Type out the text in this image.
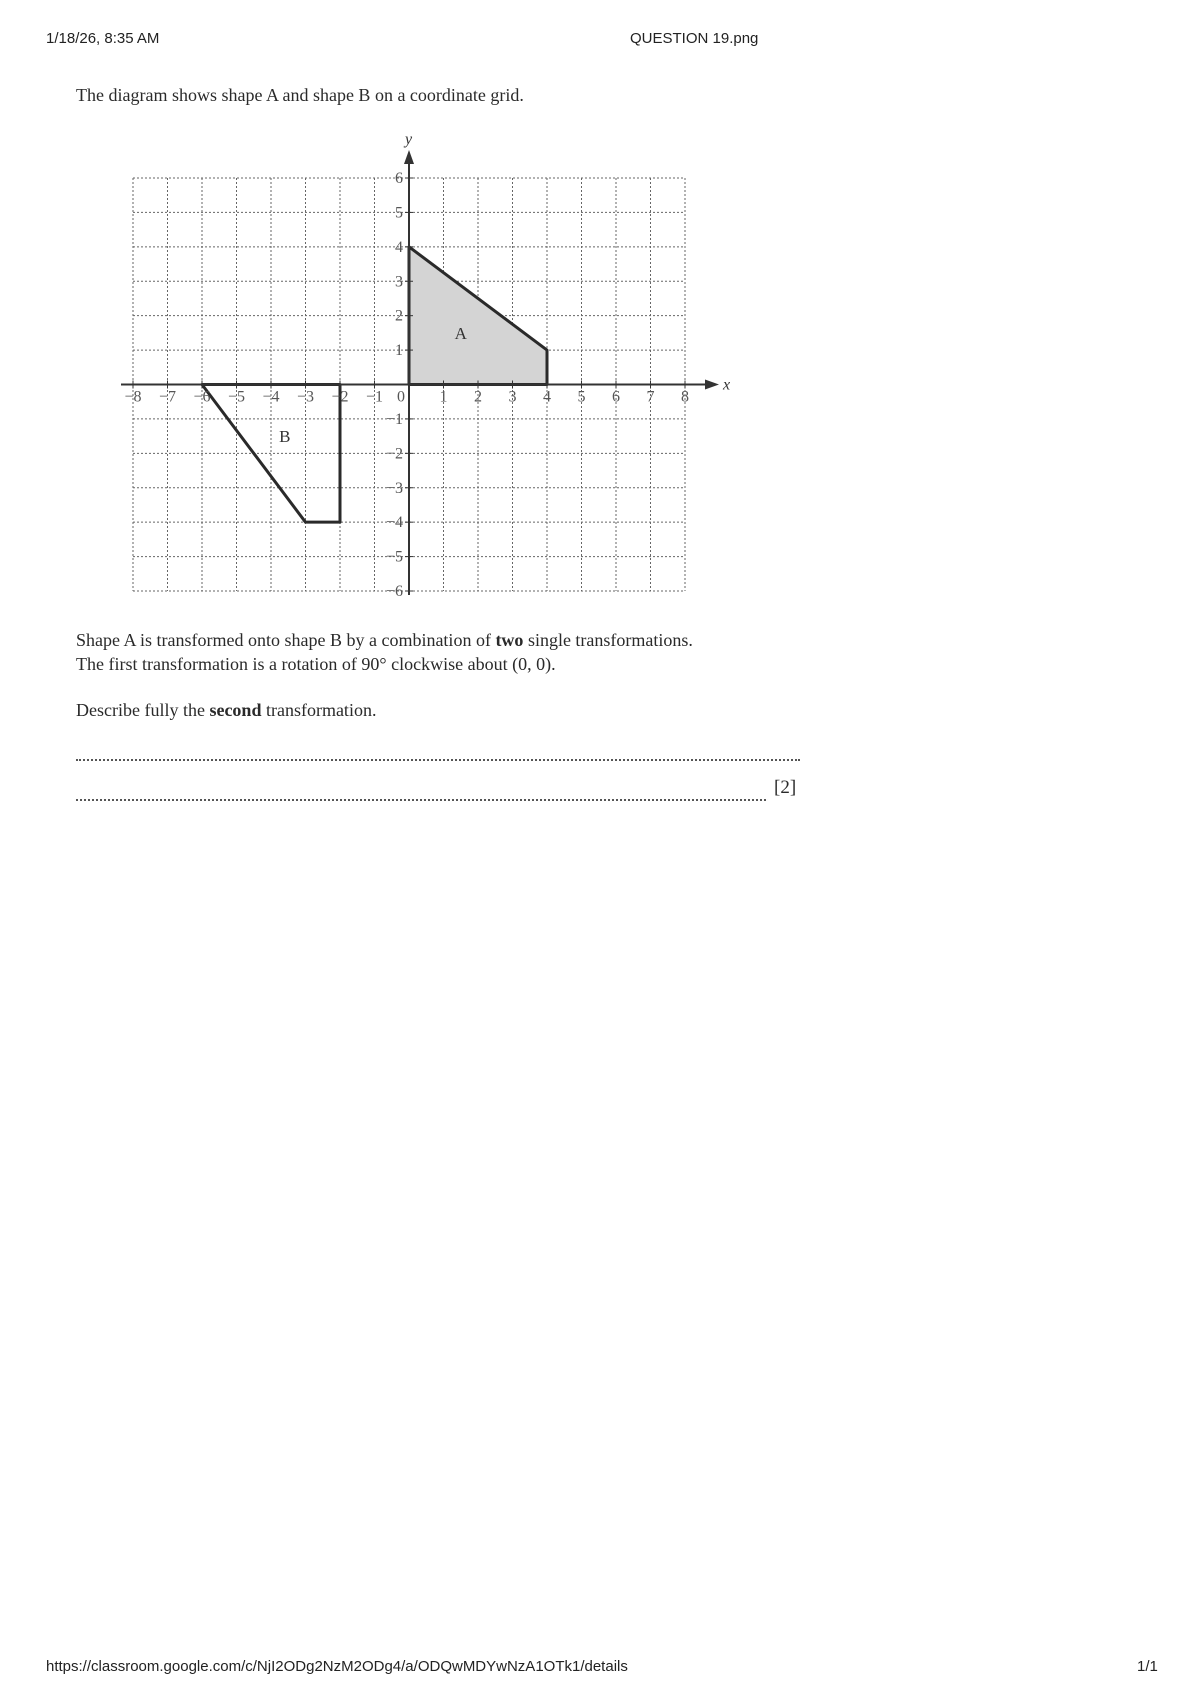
1/18/26, 8:35 AM	QUESTION 19.png
The diagram shows shape A and shape B on a coordinate grid.
A
B
x
y
−8 −7 −6 −5 −4 −3 −2 −1 0 1 2 3 4 5 6 7 8
−6
−5
−4
−3
−2
−1
1
2
3
4
5
6
Shape A is transformed onto shape B by a combination of two single transformations.
The first transformation is a rotation of 90° clockwise about (0, 0).
Describe fully the second transformation.
[2]
https://classroom.google.com/c/NjI2ODg2NzM2ODg4/a/ODQwMDYwNzA1OTk1/details	1/1
